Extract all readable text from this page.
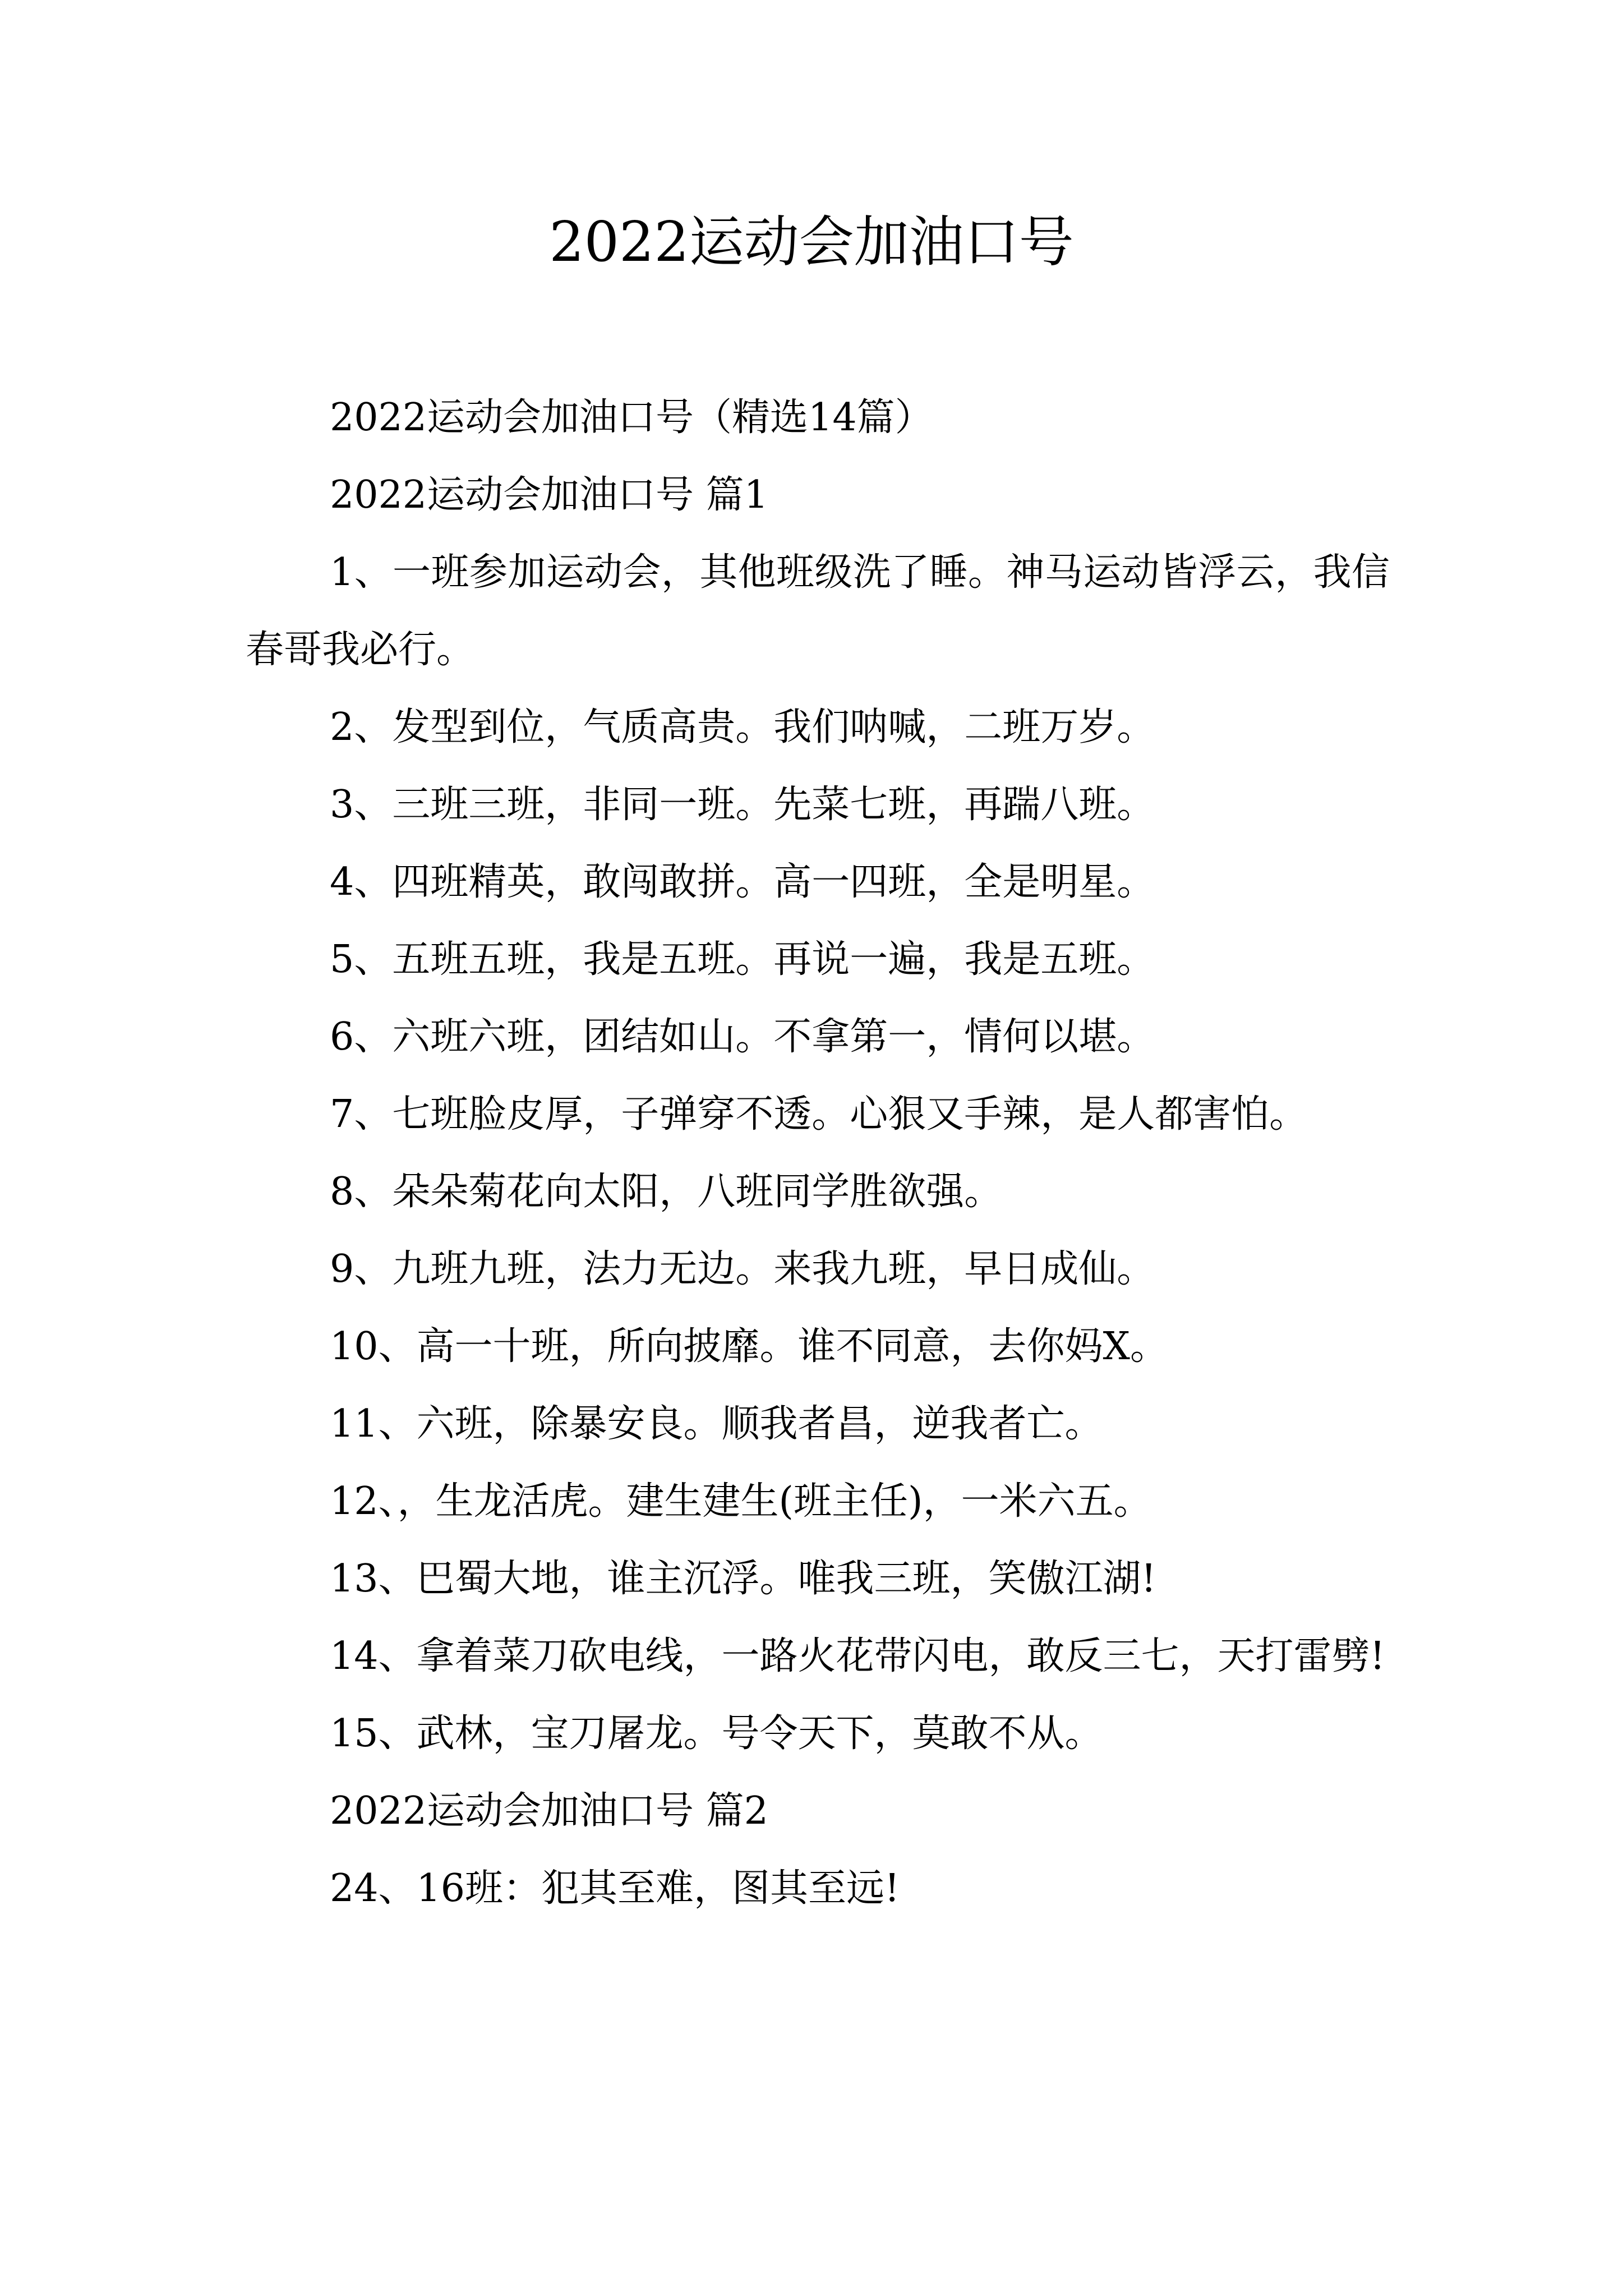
2022运动会加油口号

2022运动会加油口号（精选14篇）

2022运动会加油口号 篇1

1、一班参加运动会，其他班级洗了睡。神马运动皆浮云，我信春哥我必行。

2、发型到位，气质高贵。我们呐喊，二班万岁。

3、三班三班，非同一班。先菜七班，再踹八班。

4、四班精英，敢闯敢拼。高一四班，全是明星。

5、五班五班，我是五班。再说一遍，我是五班。

6、六班六班，团结如山。不拿第一，情何以堪。

7、七班脸皮厚，子弹穿不透。心狠又手辣，是人都害怕。

8、朵朵菊花向太阳，八班同学胜欲强。

9、九班九班，法力无边。来我九班，早日成仙。

10、高一十班，所向披靡。谁不同意，去你妈X。

11、六班，除暴安良。顺我者昌，逆我者亡。

12、，生龙活虎。建生建生(班主任)，一米六五。

13、巴蜀大地，谁主沉浮。唯我三班，笑傲江湖!

14、拿着菜刀砍电线，一路火花带闪电，敢反三七，天打雷劈!

15、武林，宝刀屠龙。号令天下，莫敢不从。

2022运动会加油口号 篇2

24、16班：犯其至难，图其至远!
